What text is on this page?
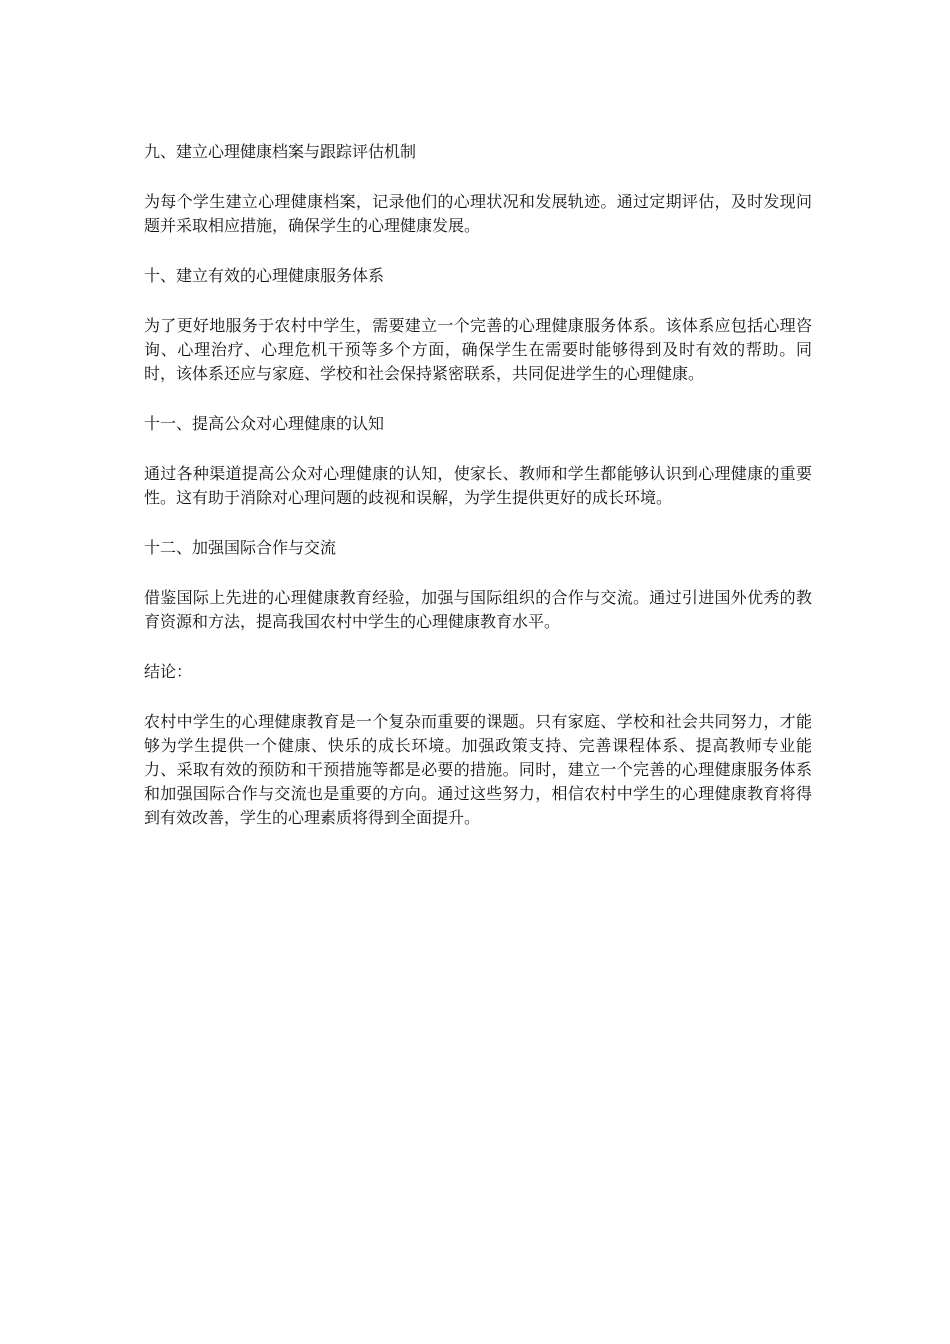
九、建立心理健康档案与跟踪评估机制

为每个学生建立心理健康档案，记录他们的心理状况和发展轨迹。通过定期评估，及时发现问题并采取相应措施，确保学生的心理健康发展。

十、建立有效的心理健康服务体系

为了更好地服务于农村中学生，需要建立一个完善的心理健康服务体系。该体系应包括心理咨询、心理治疗、心理危机干预等多个方面，确保学生在需要时能够得到及时有效的帮助。同时，该体系还应与家庭、学校和社会保持紧密联系，共同促进学生的心理健康。

十一、提高公众对心理健康的认知

通过各种渠道提高公众对心理健康的认知，使家长、教师和学生都能够认识到心理健康的重要性。这有助于消除对心理问题的歧视和误解，为学生提供更好的成长环境。

十二、加强国际合作与交流

借鉴国际上先进的心理健康教育经验，加强与国际组织的合作与交流。通过引进国外优秀的教育资源和方法，提高我国农村中学生的心理健康教育水平。

结论：

农村中学生的心理健康教育是一个复杂而重要的课题。只有家庭、学校和社会共同努力，才能够为学生提供一个健康、快乐的成长环境。加强政策支持、完善课程体系、提高教师专业能力、采取有效的预防和干预措施等都是必要的措施。同时，建立一个完善的心理健康服务体系和加强国际合作与交流也是重要的方向。通过这些努力，相信农村中学生的心理健康教育将得到有效改善，学生的心理素质将得到全面提升。
